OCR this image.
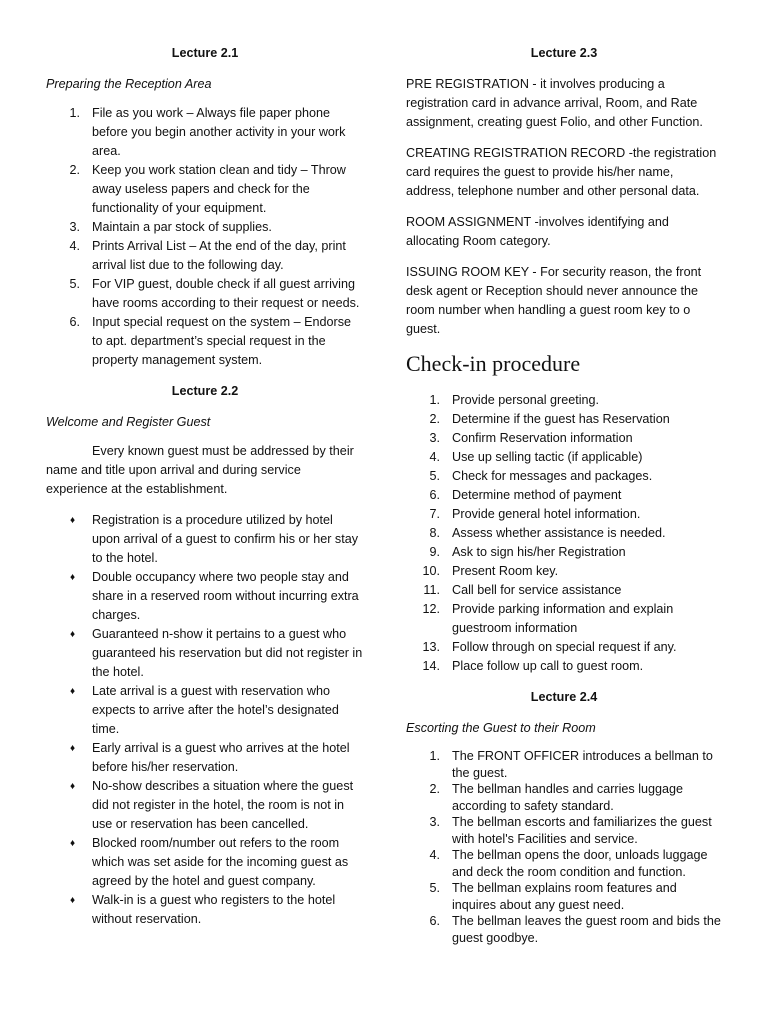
Lecture 2.1
Preparing the Reception Area
1. File as you work – Always file paper phone before you begin another activity in your work area.
2. Keep you work station clean and tidy – Throw away useless papers and check for the functionality of your equipment.
3. Maintain a par stock of supplies.
4. Prints Arrival List – At the end of the day, print arrival list due to the following day.
5. For VIP guest, double check if all guest arriving have rooms according to their request or needs.
6. Input special request on the system – Endorse to apt. department’s special request in the property management system.
Lecture 2.2
Welcome and Register Guest

Every known guest must be addressed by their name and title upon arrival and during service experience at the establishment.

♦ Registration is a procedure utilized by hotel upon arrival of a guest to confirm his or her stay to the hotel.
♦ Double occupancy where two people stay and share in a reserved room without incurring extra charges.
♦ Guaranteed n-show it pertains to a guest who guaranteed his reservation but did not register in the hotel.
♦ Late arrival is a guest with reservation who expects to arrive after the hotel’s designated time.
♦ Early arrival is a guest who arrives at the hotel before his/her reservation.
♦ No-show describes a situation where the guest did not register in the hotel, the room is not in use or reservation has been cancelled.
♦ Blocked room/number out refers to the room which was set aside for the incoming guest as agreed by the hotel and guest company.
♦ Walk-in is a guest who registers to the hotel without reservation.
Lecture 2.3

PRE REGISTRATION - it involves producing a registration card in advance arrival, Room, and Rate assignment, creating guest Folio, and other Function.

CREATING REGISTRATION RECORD -the registration card requires the guest to provide his/her name, address, telephone number and other personal data.

ROOM ASSIGNMENT -involves identifying and allocating Room category.

ISSUING ROOM KEY - For security reason, the front desk agent or Reception should never announce the room number when handling a guest room key to o guest.

Check-in procedure
1. Provide personal greeting.
2. Determine if the guest has Reservation
3. Confirm Reservation information
4. Use up selling tactic (if applicable)
5. Check for messages and packages.
6. Determine method of payment
7. Provide general hotel information.
8. Assess whether assistance is needed.
9. Ask to sign his/her Registration
10. Present Room key.
11. Call bell for service assistance
12. Provide parking information and explain guestroom information
13. Follow through on special request if any.
14. Place follow up call to guest room.
Lecture 2.4
Escorting the Guest to their Room
1. The FRONT OFFICER introduces a bellman to the guest.
2. The bellman handles and carries luggage according to safety standard.
3. The bellman escorts and familiarizes the guest with hotel's Facilities and service.
4. The bellman opens the door, unloads luggage and deck the room condition and function.
5. The bellman explains room features and inquires about any guest need.
6. The bellman leaves the guest room and bids the guest goodbye.
